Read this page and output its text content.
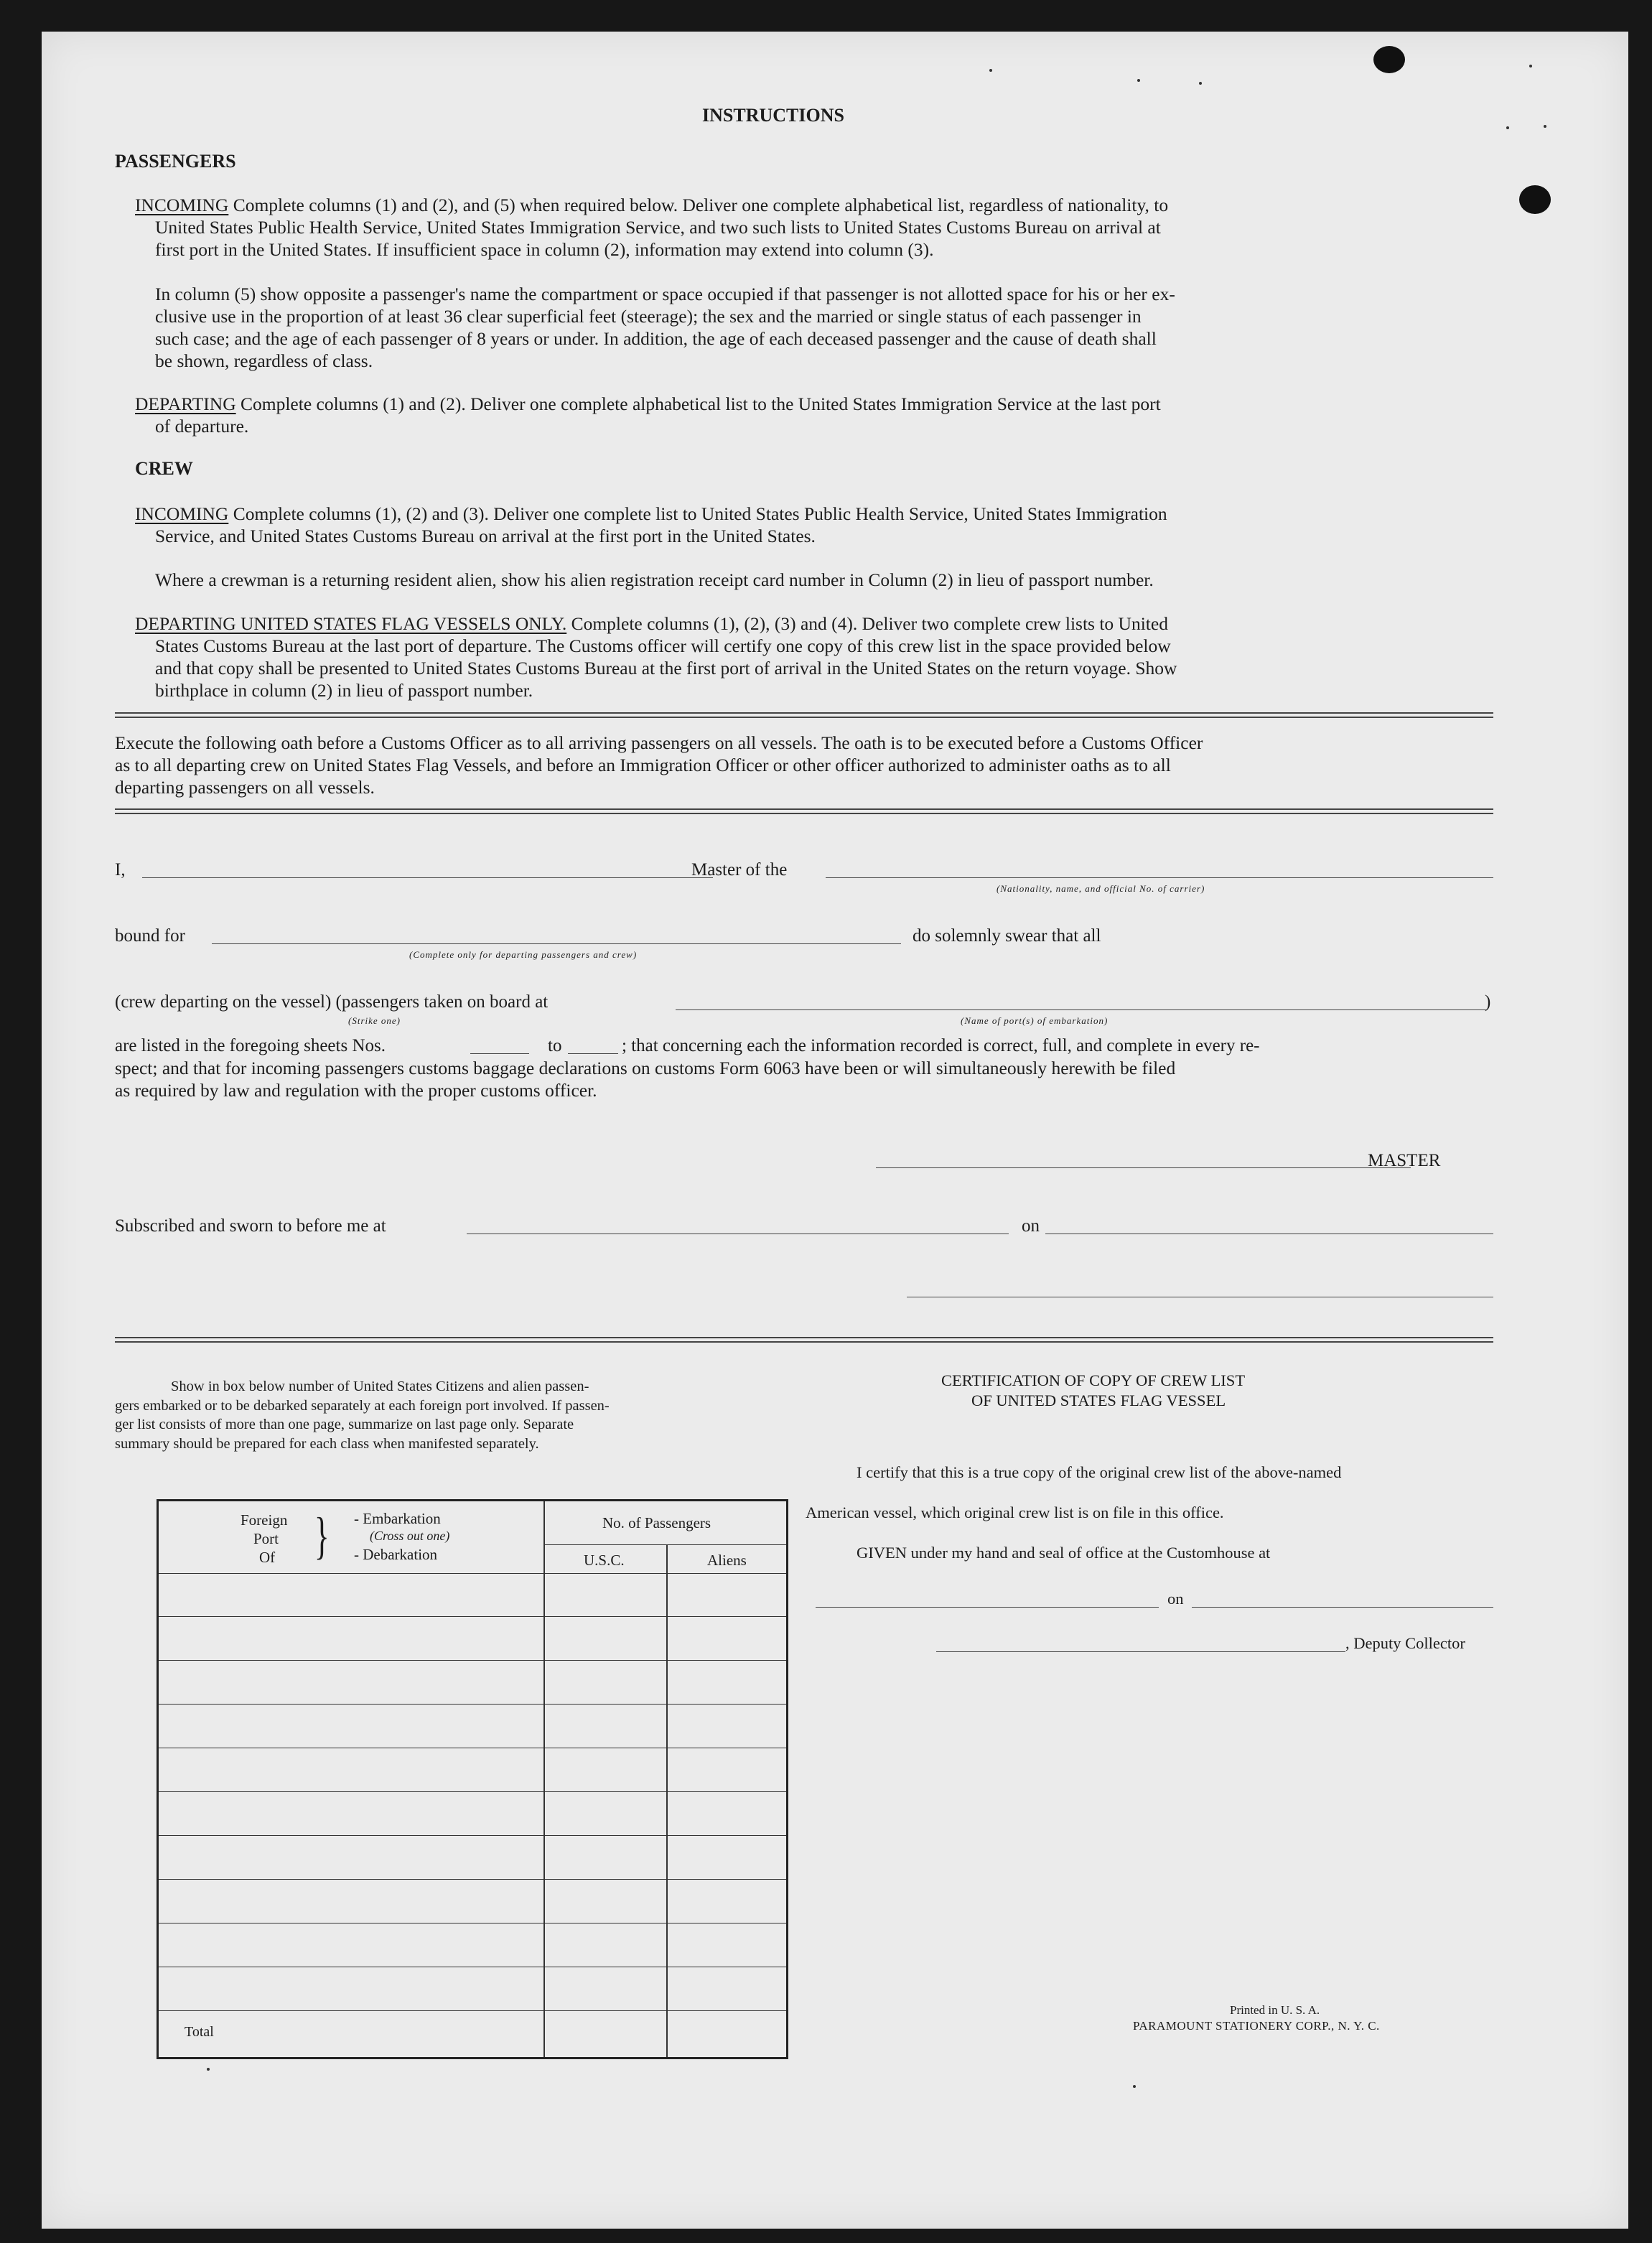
INSTRUCTIONS
PASSENGERS
INCOMING Complete columns (1) and (2), and (5) when required below. Deliver one complete alphabetical list, regardless of nationality, to
United States Public Health Service, United States Immigration Service, and two such lists to United States Customs Bureau on arrival at
first port in the United States. If insufficient space in column (2), information may extend into column (3).
In column (5) show opposite a passenger's name the compartment or space occupied if that passenger is not allotted space for his or her ex-
clusive use in the proportion of at least 36 clear superficial feet (steerage); the sex and the married or single status of each passenger in
such case; and the age of each passenger of 8 years or under. In addition, the age of each deceased passenger and the cause of death shall
be shown, regardless of class.
DEPARTING Complete columns (1) and (2). Deliver one complete alphabetical list to the United States Immigration Service at the last port
of departure.
CREW
INCOMING Complete columns (1), (2) and (3). Deliver one complete list to United States Public Health Service, United States Immigration
Service, and United States Customs Bureau on arrival at the first port in the United States.
Where a crewman is a returning resident alien, show his alien registration receipt card number in Column (2) in lieu of passport number.
DEPARTING UNITED STATES FLAG VESSELS ONLY. Complete columns (1), (2), (3) and (4). Deliver two complete crew lists to United
States Customs Bureau at the last port of departure. The Customs officer will certify one copy of this crew list in the space provided below
and that copy shall be presented to United States Customs Bureau at the first port of arrival in the United States on the return voyage. Show
birthplace in column (2) in lieu of passport number.
Execute the following oath before a Customs Officer as to all arriving passengers on all vessels. The oath is to be executed before a Customs Officer
as to all departing crew on United States Flag Vessels, and before an Immigration Officer or other officer authorized to administer oaths as to all
departing passengers on all vessels.
I,	Master of the
(Nationality, name, and official No. of carrier)
bound for
(Complete only for departing passengers and crew)
do solemnly swear that all
(crew departing on the vessel) (passengers taken on board at
(Strike one)
)
(Name of port(s) of embarkation)
are listed in the foregoing sheets Nos.	to	; that concerning each the information recorded is correct, full, and complete in every re-
spect; and that for incoming passengers customs baggage declarations on customs Form 6063 have been or will simultaneously herewith be filed
as required by law and regulation with the proper customs officer.
MASTER
Subscribed and sworn to before me at	on
Show in box below number of United States Citizens and alien passen-
gers embarked or to be debarked separately at each foreign port involved. If passen-
ger list consists of more than one page, summarize on last page only. Separate
summary should be prepared for each class when manifested separately.
Foreign
Port
Of } - Embarkation
(Cross out one)
- Debarkation
No. of Passengers
U.S.C.	Aliens
Total
CERTIFICATION OF COPY OF CREW LIST
OF UNITED STATES FLAG VESSEL
I certify that this is a true copy of the original crew list of the above-named
American vessel, which original crew list is on file in this office.
GIVEN under my hand and seal of office at the Customhouse at
on
, Deputy Collector
Printed in U. S. A.
PARAMOUNT STATIONERY CORP., N. Y. C.
